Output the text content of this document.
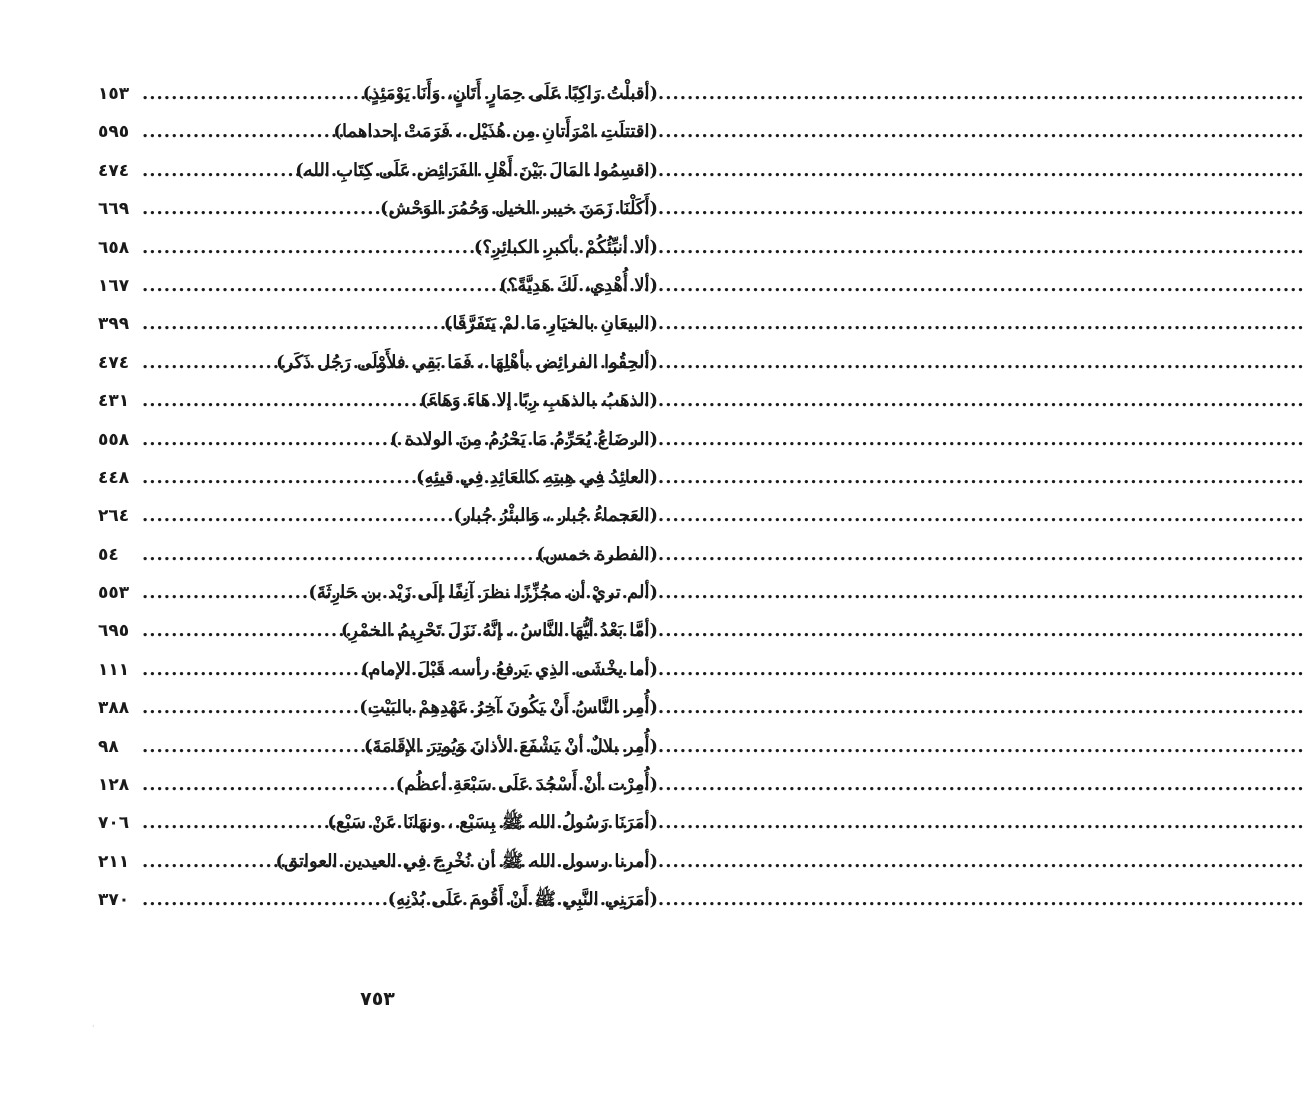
(أقبلْتُ رَاكِبًا عَلَى حِمَارٍ أَتَانٍ، وَأَنَا يَوْمَئِذٍ)
.....
١٥٣
(اقتتلَتِ امْرَأَتانِ مِن هُذَيْل ، فَرَمَتْ إحداهما)
.....
٥٩٥
(اقسِمُوا المَالَ بَيْنَ أَهْلِ الفَرَائِض عَلَى كِتَابِ الله)
.....
٤٧٤
(أَكَلْنَا زَمَنَ خيبر الخيل وَحُمُرَ الوَحْش)
.....
٦٦٩
(ألا أنبِّئُكُمْ بأكبرِ الكبائِرِ؟)
.....
٦٥٨
(ألا أُهْدِي، لَكَ هَدِيَّةً؟)
.....
١٦٧
(البيعَانِ بالخيَارِ مَا لمْ يَتَفَرَّقَا)
.....
٣٩٩
(ألحِقُوا الفرائِض بأهْلِهَا ، فَمَا بَقِي فلأَوْلَى رَجُل ذَكَر)
.....
٤٧٤
(الذهَبُ بالذهَبِ رِبًا إلا هَاءَ وَهَاءَ)
.....
٤٣١
(الرضَاعُ يُحَرِّمُ مَا يَحْرُمُ مِنَ الولادة )
.....
٥٥٨
(العائِدُ فِي هِبتِهِ كالعَائِدِ فِي قيئِهِ)
.....
٤٤٨
(العَجماءُ جُبار ، وَالبئْرُ جُبار)
.....
٢٦٤
(الفطرة خمس)
.....
٥٤
(ألم تريْ أن مجُزِّزًا نظرَ آنِفًا إلَى زَيْد بن حَارِثَةَ)
.....
٥٥٣
(أمَّا بَعْدُ أيُّهَا النَّاسُ ، إنَّهُ نَزَلَ تَحْرِيمُ الخمْرِ)
.....
٦٩٥
(أما يخْشَى الذِي يَرفعُ رأسه قَبْلَ الإمام)
.....
١١١
(أُمِر النَّاسُ أَنْ يَكُونَ آخِرُ عَهْدِهِمْ بالبَيْتِ)
.....
٣٨٨
(أُمِر بلالٌ أنْ يَشْفَعَ الأذانَ وَيُوتِرَ الإقَامَةَ)
.....
٩٨
(أُمِرْت أنْ أَسْجُدَ عَلَى سَبْعَةِ أعظُم)
.....
١٢٨
(أمَرَنَا رَسُولُ الله ﷺ بِسَبْع ، ونهَانَا عَنْ سَبْع)
.....
٧٠٦
(أمرنا رسول الله ﷺ أن نُخْرِجَ فِي العيدين العواتق)
.....
٢١١
(أمَرَنِي النَّبِي ﷺ أَنْ أَقُومَ عَلَى بُدْنِهِ)
.....
٣٧٠
٧٥٣
·
